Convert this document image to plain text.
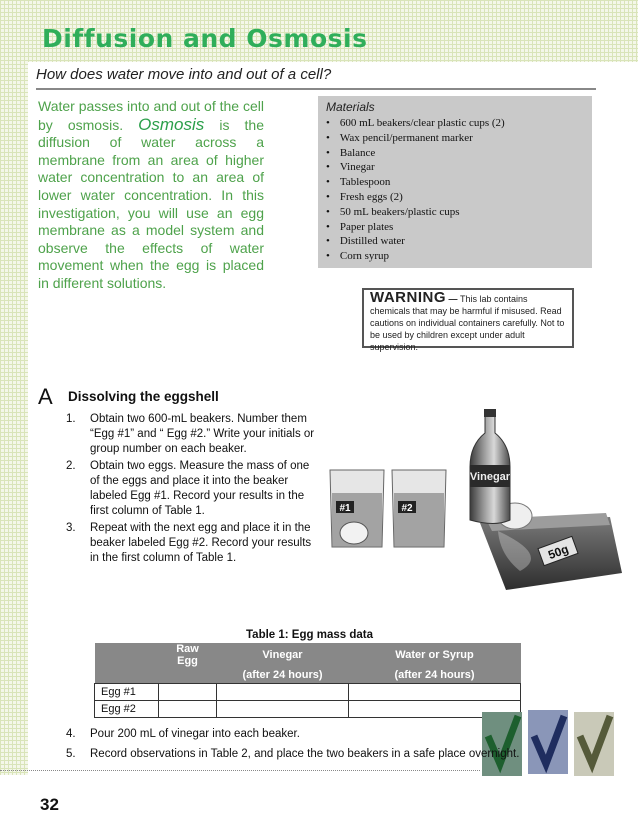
Diffusion and Osmosis
How does water move into and out of a cell?
Water passes into and out of the cell by osmosis. Osmosis is the diffusion of water across a membrane from an area of higher water concentration to an area of lower water concentration. In this investigation, you will use an egg membrane as a model system and observe the effects of water movement when the egg is placed in different solutions.
Materials
• 600 mL beakers/clear plastic cups (2)
• Wax pencil/permanent marker
• Balance
• Vinegar
• Tablespoon
• Fresh eggs (2)
• 50 mL beakers/plastic cups
• Paper plates
• Distilled water
• Corn syrup
WARNING — This lab contains chemicals that may be harmful if misused. Read cautions on individual containers carefully. Not to be used by children except under adult supervision.
A Dissolving the eggshell
1.	Obtain two 600-mL beakers. Number them “Egg #1” and “ Egg #2.” Write your initials or group number on each beaker.
2.	Obtain two eggs. Measure the mass of one of the eggs and place it into the beaker labeled Egg #1. Record your results in the first column of Table 1.
3.	Repeat with the next egg and place it in the beaker labeled Egg #2. Record your results in the first column of Table 1.	50g
Vinegar
#1	#2
Table 1: Egg mass data
	Raw Egg	Vinegar	Water or Syrup
		(after 24 hours)	(after 24 hours)
Egg #1			
Egg #2			
4.	Pour 200 mL of vinegar into each beaker.
5.	Record observations in Table 2, and place the two beakers in a safe place overnight.
32
